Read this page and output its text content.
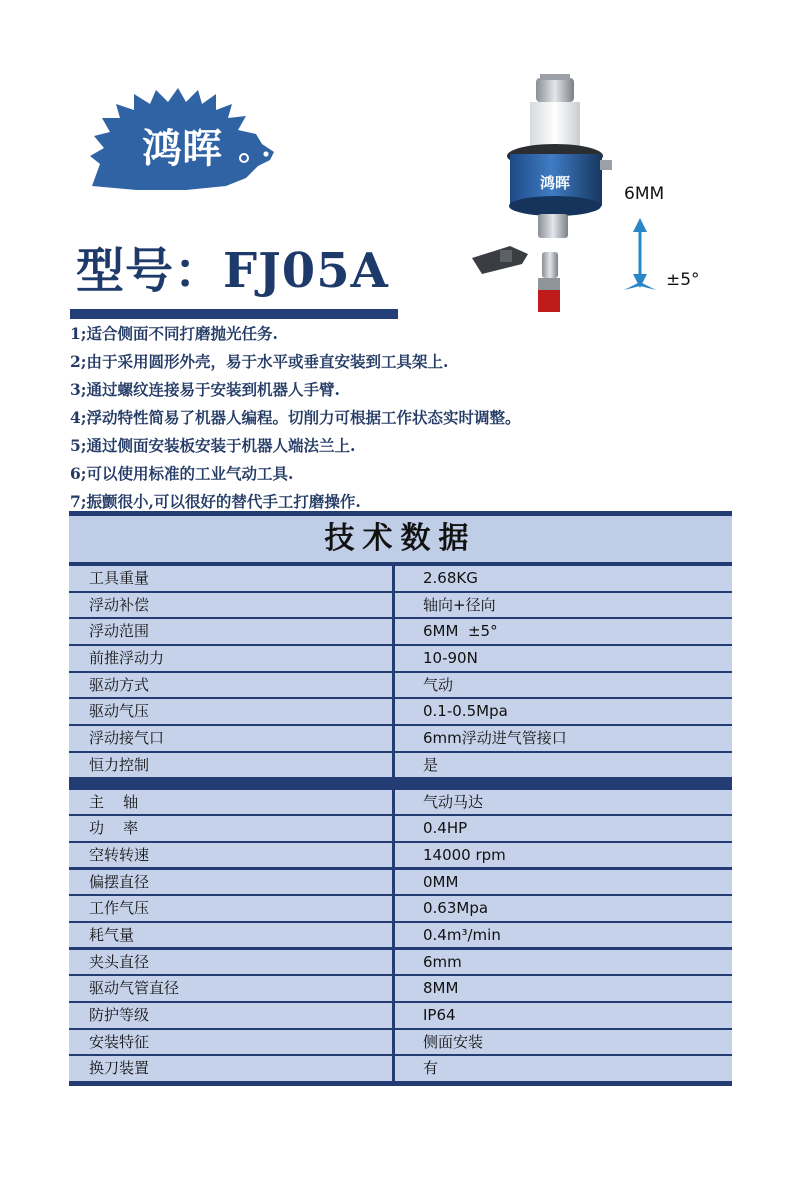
鸿晖
型号：FJ05A
鸿晖
6MM
±5°
1;适合侧面不同打磨抛光任务.
2;由于采用圆形外壳，易于水平或垂直安装到工具架上.
3;通过螺纹连接易于安装到机器人手臂.
4;浮动特性简易了机器人编程。切削力可根据工作状态实时调整。
5;通过侧面安装板安装于机器人端法兰上.
6;可以使用标准的工业气动工具.
7;振颤很小,可以很好的替代手工打磨操作.
技术数据
工具重量	2.68KG
浮动补偿	轴向+径向
浮动范围	6MM  ±5°
前推浮动力	10-90N
驱动方式	气动
驱动气压	0.1-0.5Mpa
浮动接气口	6mm浮动进气管接口
恒力控制	是
主    轴	气动马达
功    率	0.4HP
空转转速	14000 rpm
偏摆直径	0MM
工作气压	0.63Mpa
耗气量	0.4m³/min
夹头直径	6mm
驱动气管直径	8MM
防护等级	IP64
安装特征	侧面安装
换刀装置	有
